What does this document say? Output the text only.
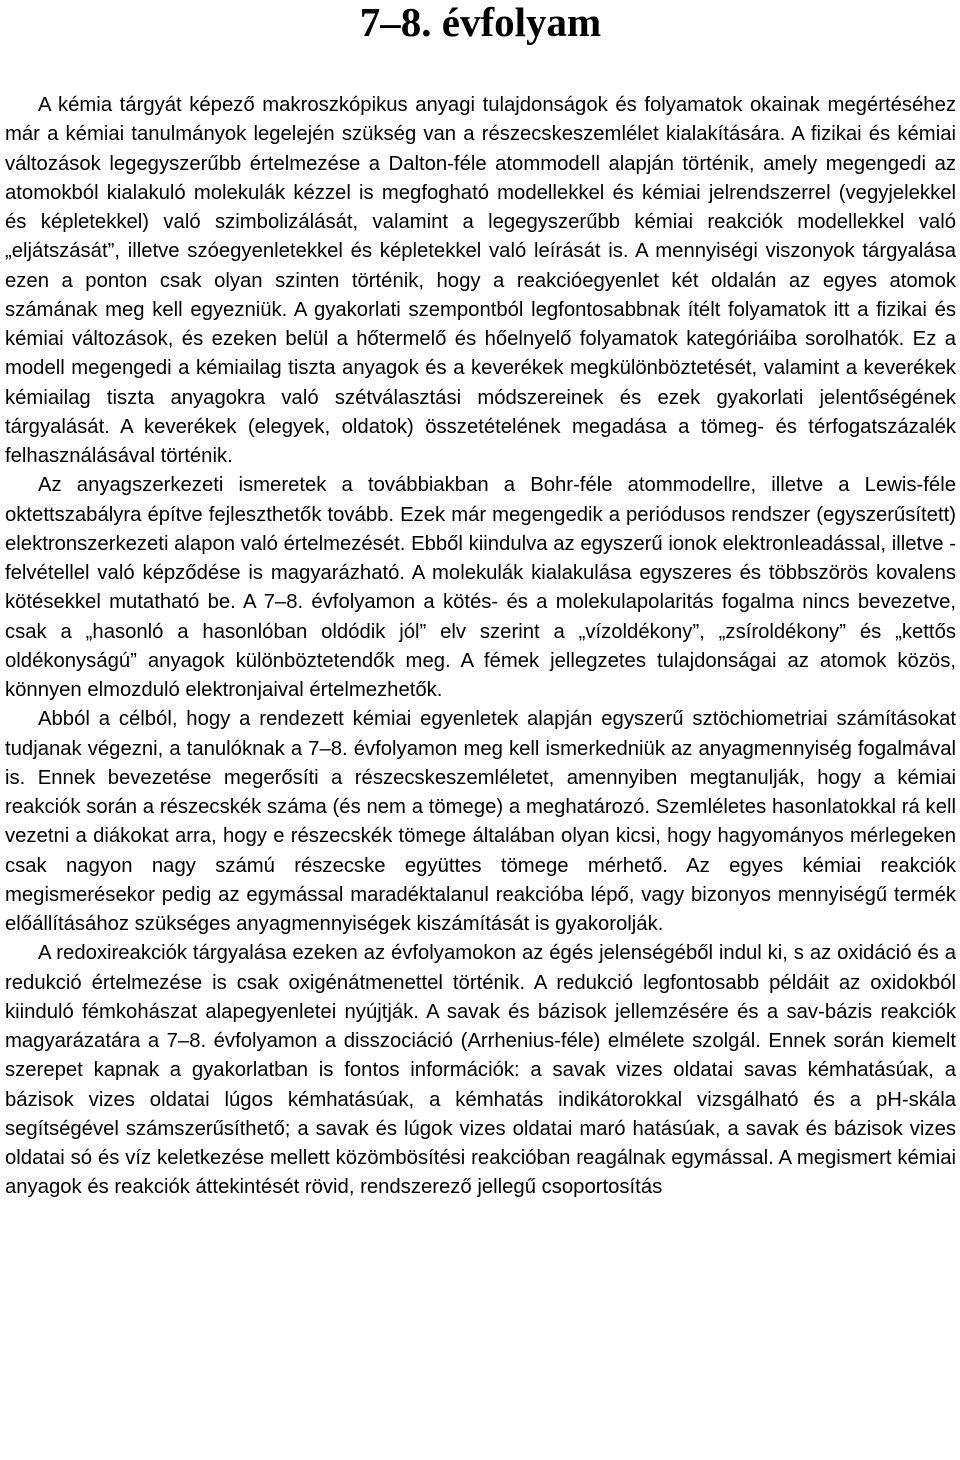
7–8. évfolyam

A kémia tárgyát képező makroszkópikus anyagi tulajdonságok és folyamatok okainak megértéséhez már a kémiai tanulmányok legelején szükség van a részecskeszemlélet kialakítására. A fizikai és kémiai változások legegyszerűbb értelmezése a Dalton-féle atommodell alapján történik, amely megengedi az atomokból kialakuló molekulák kézzel is megfogható modellekkel és kémiai jelrendszerrel (vegyjelekkel és képletekkel) való szimbolizálását, valamint a legegyszerűbb kémiai reakciók modellekkel való „eljátszását”, illetve szóegyenletekkel és képletekkel való leírását is. A mennyiségi viszonyok tárgyalása ezen a ponton csak olyan szinten történik, hogy a reakcióegyenlet két oldalán az egyes atomok számának meg kell egyezniük. A gyakorlati szempontból legfontosabbnak ítélt folyamatok itt a fizikai és kémiai változások, és ezeken belül a hőtermelő és hőelnyelő folyamatok kategóriáiba sorolhatók. Ez a modell megengedi a kémiailag tiszta anyagok és a keverékek megkülönböztetését, valamint a keverékek kémiailag tiszta anyagokra való szétválasztási módszereinek és ezek gyakorlati jelentőségének tárgyalását. A keverékek (elegyek, oldatok) összetételének megadása a tömeg- és térfogatszázalék felhasználásával történik.

Az anyagszerkezeti ismeretek a továbbiakban a Bohr-féle atommodellre, illetve a Lewis-féle oktettszabályra építve fejleszthetők tovább. Ezek már megengedik a periódusos rendszer (egyszerűsített) elektronszerkezeti alapon való értelmezését. Ebből kiindulva az egyszerű ionok elektronleadással, illetve -felvétellel való képződése is magyarázható. A molekulák kialakulása egyszeres és többszörös kovalens kötésekkel mutatható be. A 7–8. évfolyamon a kötés- és a molekulapolaritás fogalma nincs bevezetve, csak a „hasonló a hasonlóban oldódik jól” elv szerint a „vízoldékony”, „zsíroldékony” és „kettős oldékonyságú” anyagok különböztetendők meg. A fémek jellegzetes tulajdonságai az atomok közös, könnyen elmozduló elektronjaival értelmezhetők.

Abból a célból, hogy a rendezett kémiai egyenletek alapján egyszerű sztöchiometriai számításokat tudjanak végezni, a tanulóknak a 7–8. évfolyamon meg kell ismerkedniük az anyagmennyiség fogalmával is. Ennek bevezetése megerősíti a részecskeszemléletet, amennyiben megtanulják, hogy a kémiai reakciók során a részecskék száma (és nem a tömege) a meghatározó. Szemléletes hasonlatokkal rá kell vezetni a diákokat arra, hogy e részecskék tömege általában olyan kicsi, hogy hagyományos mérlegeken csak nagyon nagy számú részecske együttes tömege mérhető. Az egyes kémiai reakciók megismerésekor pedig az egymással maradéktalanul reakcióba lépő, vagy bizonyos mennyiségű termék előállításához szükséges anyagmennyiségek kiszámítását is gyakorolják.

A redoxireakciók tárgyalása ezeken az évfolyamokon az égés jelenségéből indul ki, s az oxidáció és a redukció értelmezése is csak oxigénátmenettel történik. A redukció legfontosabb példáit az oxidokból kiinduló fémkohászat alapegyenletei nyújtják. A savak és bázisok jellemzésére és a sav-bázis reakciók magyarázatára a 7–8. évfolyamon a disszociáció (Arrhenius-féle) elmélete szolgál. Ennek során kiemelt szerepet kapnak a gyakorlatban is fontos információk: a savak vizes oldatai savas kémhatásúak, a bázisok vizes oldatai lúgos kémhatásúak, a kémhatás indikátorokkal vizsgálható és a pH-skála segítségével számszerűsíthető; a savak és lúgok vizes oldatai maró hatásúak, a savak és bázisok vizes oldatai só és víz keletkezése mellett közömbösítési reakcióban reagálnak egymással. A megismert kémiai anyagok és reakciók áttekintését rövid, rendszerező jellegű csoportosítás
